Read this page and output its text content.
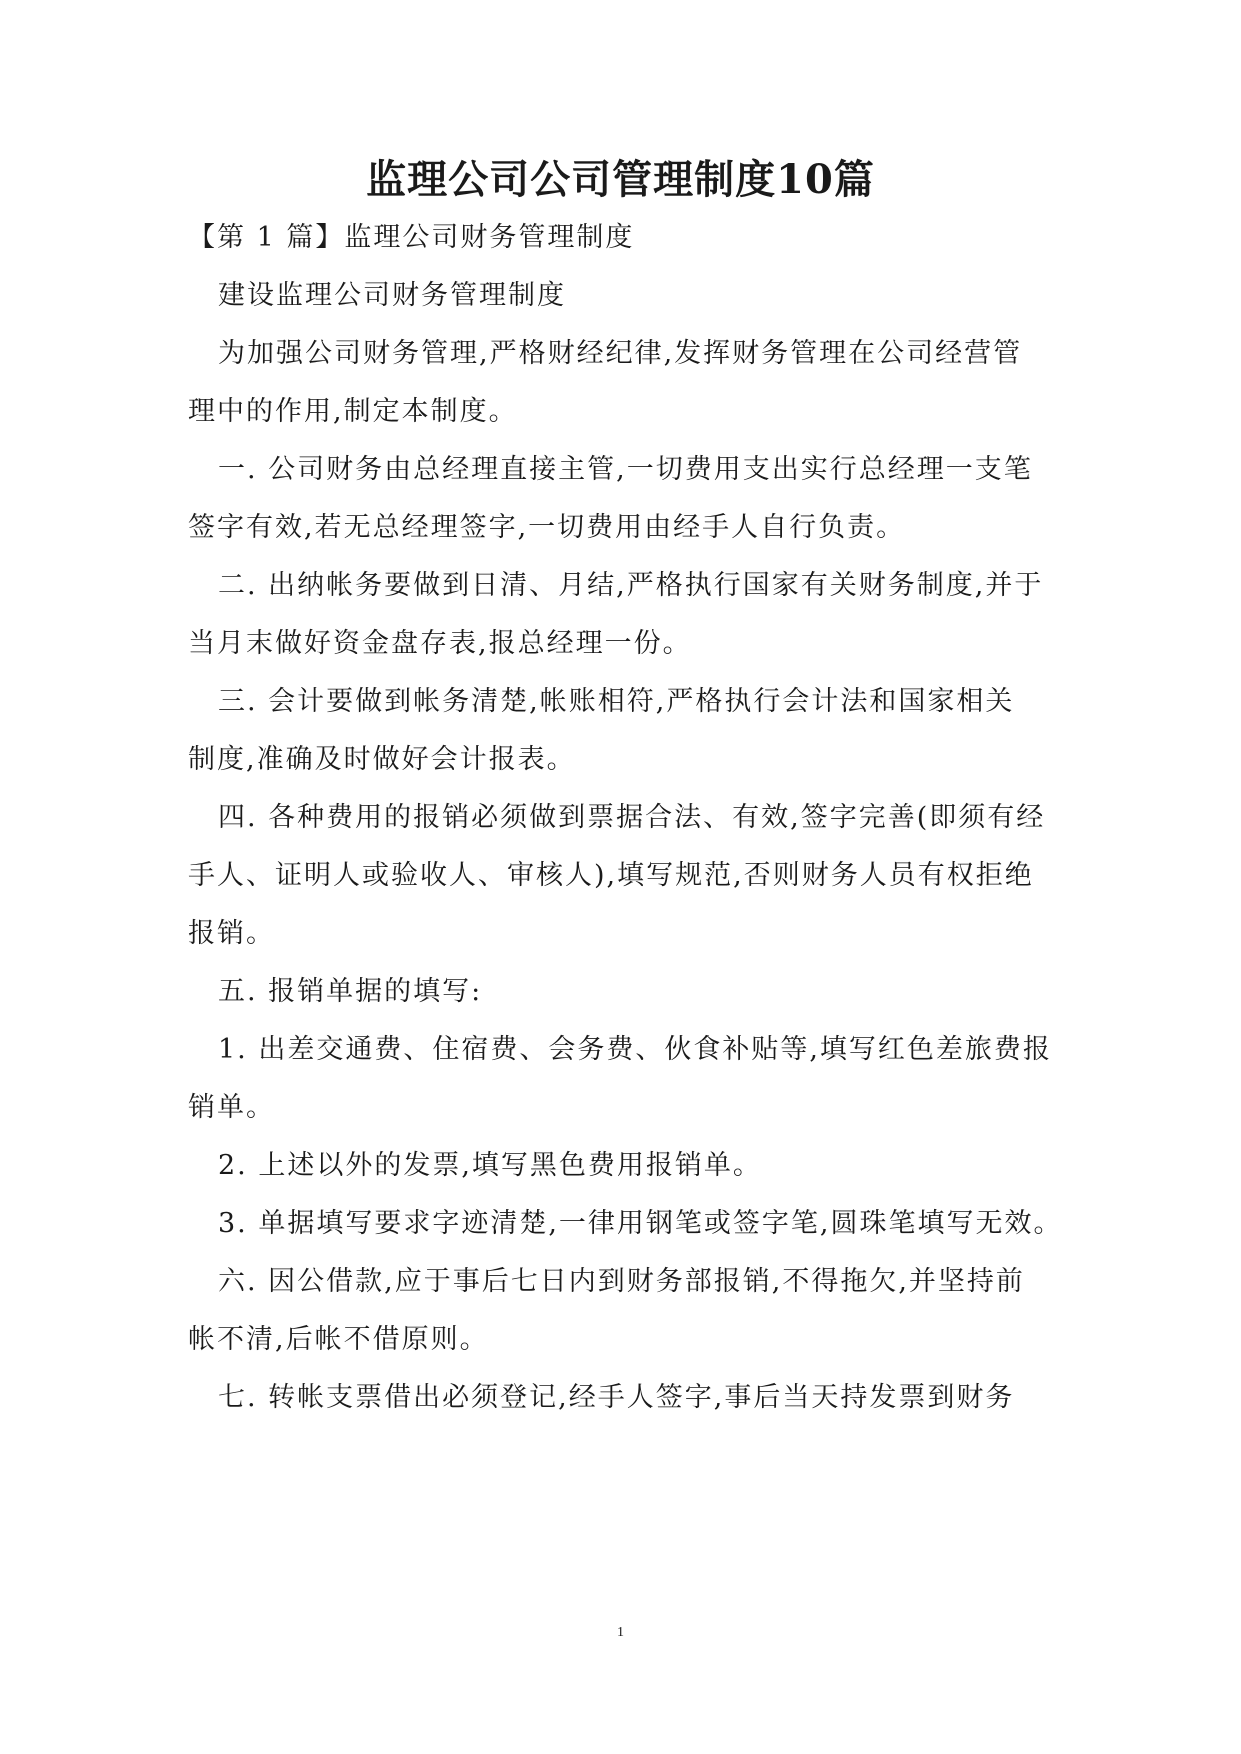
监理公司公司管理制度10篇
【第 1 篇】监理公司财务管理制度
建设监理公司财务管理制度
为加强公司财务管理,严格财经纪律,发挥财务管理在公司经营管
理中的作用,制定本制度。
一. 公司财务由总经理直接主管,一切费用支出实行总经理一支笔
签字有效,若无总经理签字,一切费用由经手人自行负责。
二. 出纳帐务要做到日清、月结,严格执行国家有关财务制度,并于
当月末做好资金盘存表,报总经理一份。
三. 会计要做到帐务清楚,帐账相符,严格执行会计法和国家相关
制度,准确及时做好会计报表。
四. 各种费用的报销必须做到票据合法、有效,签字完善(即须有经
手人、证明人或验收人、审核人),填写规范,否则财务人员有权拒绝
报销。
五. 报销单据的填写:
1. 出差交通费、住宿费、会务费、伙食补贴等,填写红色差旅费报
销单。
2. 上述以外的发票,填写黑色费用报销单。
3. 单据填写要求字迹清楚,一律用钢笔或签字笔,圆珠笔填写无效。
六. 因公借款,应于事后七日内到财务部报销,不得拖欠,并坚持前
帐不清,后帐不借原则。
七. 转帐支票借出必须登记,经手人签字,事后当天持发票到财务
1
